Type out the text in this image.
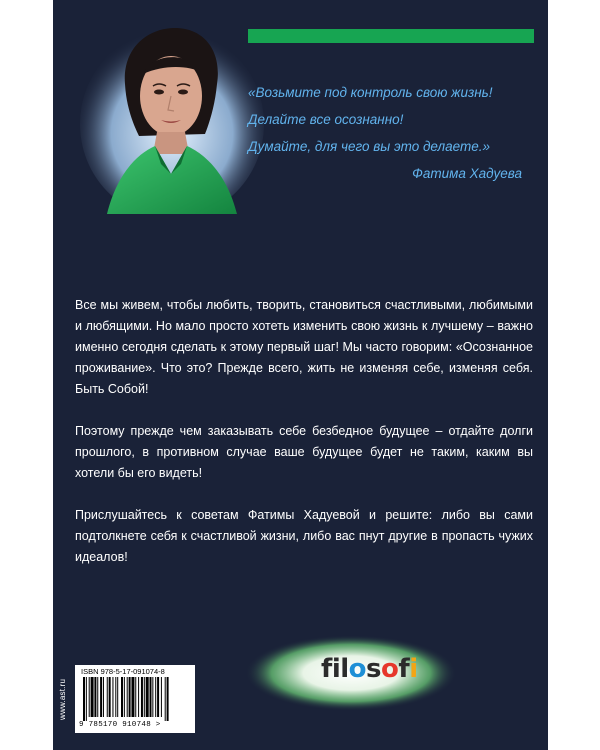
«Возьмите под контроль свою жизнь!

Делайте все осознанно!

Думайте, для чего вы это делаете.»

Фатима Хадуева

Все мы живем, чтобы любить, творить, становиться счастливыми, любимыми и любящими. Но мало просто хотеть изменить свою жизнь к лучшему – важно именно сегодня сделать к этому первый шаг! Мы часто говорим: «Осознанное проживание». Что это? Прежде всего, жить не изменяя себе, изменяя себя. Быть Собой!

Поэтому прежде чем заказывать себе безбедное будущее – отдайте долги прошлого, в противном случае ваше будущее будет не таким, каким вы хотели бы его видеть!

Прислушайтесь к советам Фатимы Хадуевой и решите: либо вы сами подтолкнете себя к счастливой жизни, либо вас пнут другие в пропасть чужих идеалов!

www.ast.ru
ISBN 978-5-17-091074-8
9 785170 910748 >
filosofi
